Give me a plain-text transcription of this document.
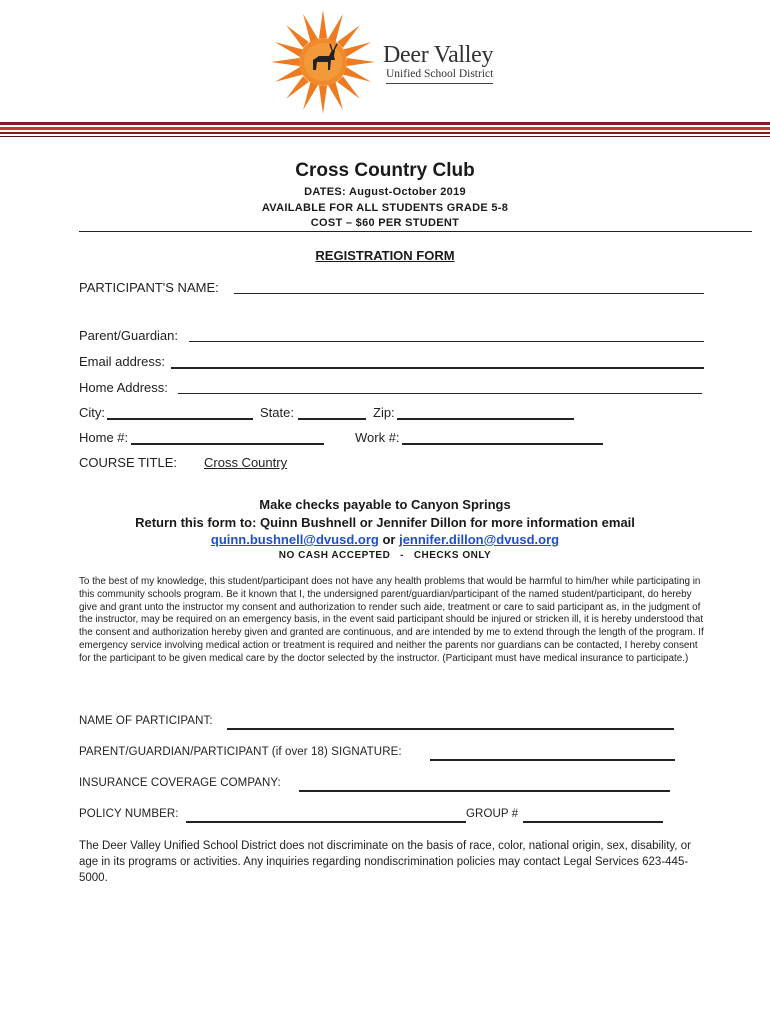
Deer Valley
Unified School District
Cross Country Club
DATES: August-October 2019
AVAILABLE FOR ALL STUDENTS GRADE 5-8
COST – $60 PER STUDENT
REGISTRATION FORM
PARTICIPANT'S NAME:
Parent/Guardian:
Email address:
Home Address:
City:	State:	Zip:
Home #:	Work #:
COURSE TITLE: Cross Country
Make checks payable to Canyon Springs
Return this form to: Quinn Bushnell or Jennifer Dillon for more information email
quinn.bushnell@dvusd.org or jennifer.dillon@dvusd.org
NO CASH ACCEPTED   -   CHECKS ONLY
To the best of my knowledge, this student/participant does not have any health problems that would be harmful to him/her while participating in this community schools program. Be it known that I, the undersigned parent/guardian/participant of the named student/participant, do hereby give and grant unto the instructor my consent and authorization to render such aide, treatment or care to said participant as, in the judgment of the instructor, may be required on an emergency basis, in the event said participant should be injured or stricken ill, it is hereby understood that the consent and authorization hereby given and granted are continuous, and are intended by me to extend through the length of the program. If emergency service involving medical action or treatment is required and neither the parents nor guardians can be contacted, I hereby consent for the participant to be given medical care by the doctor selected by the instructor. (Participant must have medical insurance to participate.)
NAME OF PARTICIPANT:
PARENT/GUARDIAN/PARTICIPANT (if over 18) SIGNATURE:
INSURANCE COVERAGE COMPANY:
POLICY NUMBER:	GROUP #
The Deer Valley Unified School District does not discriminate on the basis of race, color, national origin, sex, disability, or age in its programs or activities. Any inquiries regarding nondiscrimination policies may contact Legal Services 623-445-5000.
